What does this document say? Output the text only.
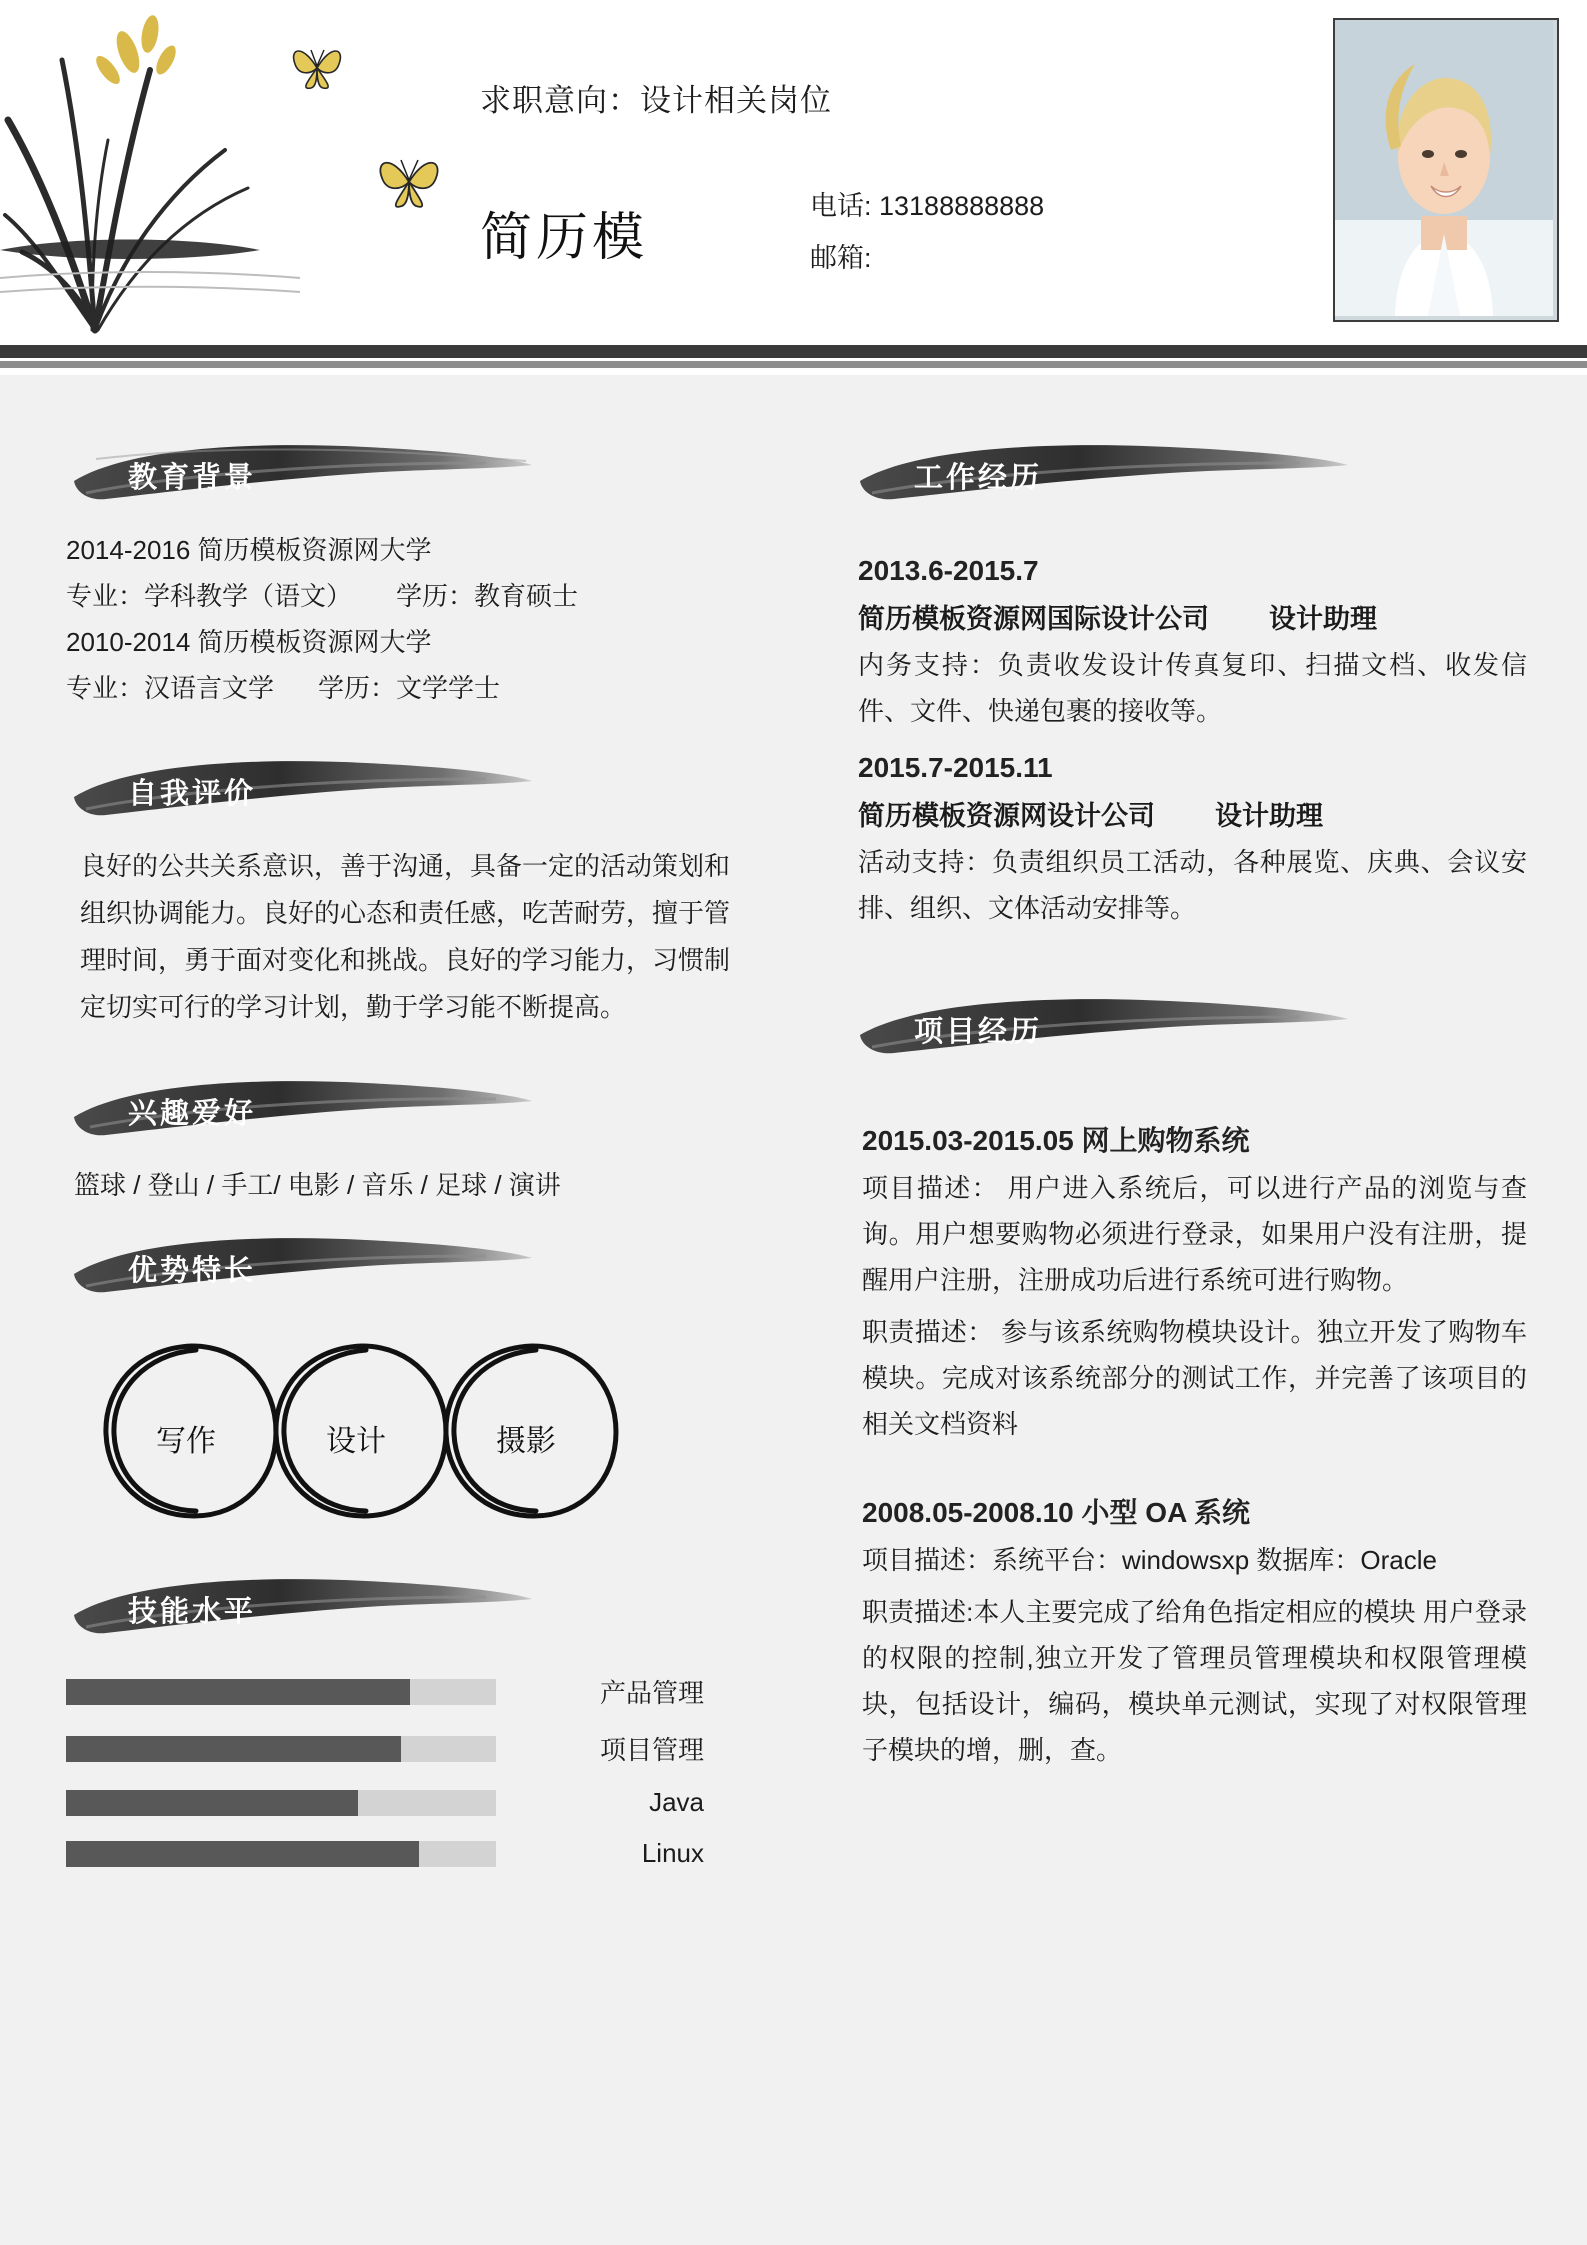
求职意向：设计相关岗位
简历模
电话: 13188888888
邮箱:
教育背景
2014-2016 简历模板资源网大学
专业：学科教学（语文） 学历：教育硕士
2010-2014 简历模板资源网大学
专业：汉语言文学 学历：文学学士
自我评价
良好的公共关系意识，善于沟通，具备一定的活动策划和组织协调能力。良好的心态和责任感，吃苦耐劳，擅于管理时间，勇于面对变化和挑战。良好的学习能力，习惯制定切实可行的学习计划，勤于学习能不断提高。
兴趣爱好
篮球 / 登山 / 手工/ 电影 / 音乐 / 足球 / 演讲
优势特长
写作	设计	摄影
技能水平
产品管理
项目管理
Java
Linux
工作经历
2013.6-2015.7
简历模板资源网国际设计公司 设计助理
内务支持：负责收发设计传真复印、扫描文档、收发信件、文件、快递包裹的接收等。
2015.7-2015.11
简历模板资源网设计公司 设计助理
活动支持：负责组织员工活动，各种展览、庆典、会议安排、组织、文体活动安排等。
项目经历
2015.03-2015.05 网上购物系统
项目描述： 用户进入系统后，可以进行产品的浏览与查询。用户想要购物必须进行登录，如果用户没有注册，提醒用户注册，注册成功后进行系统可进行购物。
职责描述： 参与该系统购物模块设计。独立开发了购物车模块。完成对该系统部分的测试工作，并完善了该项目的相关文档资料
2008.05-2008.10 小型 OA 系统
项目描述：系统平台：windowsxp 数据库：Oracle
职责描述:本人主要完成了给角色指定相应的模块 用户登录的权限的控制,独立开发了管理员管理模块和权限管理模块，包括设计，编码，模块单元测试，实现了对权限管理子模块的增，删，查。
